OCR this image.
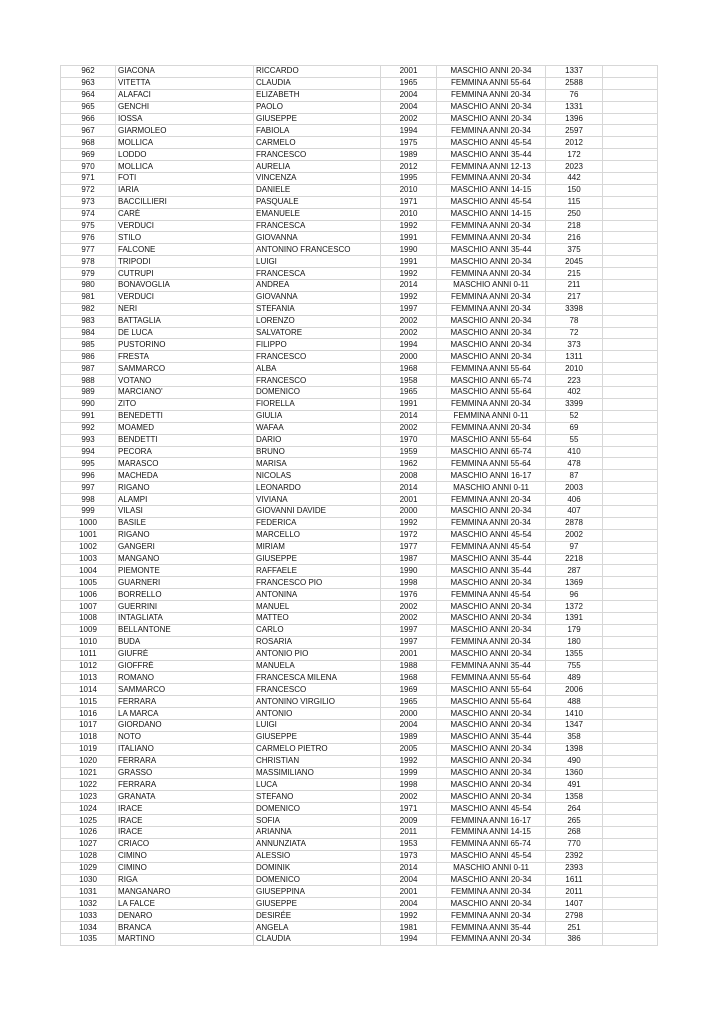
962	GIACONA	RICCARDO	2001	MASCHIO ANNI 20-34	1337	
963	VITETTA	CLAUDIA	1965	FEMMINA ANNI 55-64	2588	
964	ALAFACI	ELIZABETH	2004	FEMMINA ANNI 20-34	76	
965	GENCHI	PAOLO	2004	MASCHIO ANNI 20-34	1331	
966	IOSSA	GIUSEPPE	2002	MASCHIO ANNI 20-34	1396	
967	GIARMOLEO	FABIOLA	1994	FEMMINA ANNI 20-34	2597	
968	MOLLICA	CARMELO	1975	MASCHIO ANNI 45-54	2012	
969	LODDO	FRANCESCO	1989	MASCHIO ANNI 35-44	172	
970	MOLLICA	AURELIA	2012	FEMMINA ANNI 12-13	2023	
971	FOTI	VINCENZA	1995	FEMMINA ANNI 20-34	442	
972	IARIA	DANIELE	2010	MASCHIO ANNI 14-15	150	
973	BACCILLIERI	PASQUALE	1971	MASCHIO ANNI 45-54	115	
974	CARÈ	EMANUELE	2010	MASCHIO ANNI 14-15	250	
975	VERDUCI	FRANCESCA	1992	FEMMINA ANNI 20-34	218	
976	STILO	GIOVANNA	1991	FEMMINA ANNI 20-34	216	
977	FALCONE	ANTONINO FRANCESCO	1990	MASCHIO ANNI 35-44	375	
978	TRIPODI	LUIGI	1991	MASCHIO ANNI 20-34	2045	
979	CUTRUPI	FRANCESCA	1992	FEMMINA ANNI 20-34	215	
980	BONAVOGLIA	ANDREA	2014	MASCHIO ANNI 0-11	211	
981	VERDUCI	GIOVANNA	1992	FEMMINA ANNI 20-34	217	
982	NERI	STEFANIA	1997	FEMMINA ANNI 20-34	3398	
983	BATTAGLIA	LORENZO	2002	MASCHIO ANNI 20-34	78	
984	DE LUCA	SALVATORE	2002	MASCHIO ANNI 20-34	72	
985	PUSTORINO	FILIPPO	1994	MASCHIO ANNI 20-34	373	
986	FRESTA	FRANCESCO	2000	MASCHIO ANNI 20-34	1311	
987	SAMMARCO	ALBA	1968	FEMMINA ANNI 55-64	2010	
988	VOTANO	FRANCESCO	1958	MASCHIO ANNI 65-74	223	
989	MARCIANO'	DOMENICO	1965	MASCHIO ANNI 55-64	402	
990	ZITO	FIORELLA	1991	FEMMINA ANNI 20-34	3399	
991	BENEDETTI	GIULIA	2014	FEMMINA ANNI 0-11	52	
992	MOAMED	WAFAA	2002	FEMMINA ANNI 20-34	69	
993	BENDETTI	DARIO	1970	MASCHIO ANNI 55-64	55	
994	PECORA	BRUNO	1959	MASCHIO ANNI 65-74	410	
995	MARASCO	MARISA	1962	FEMMINA ANNI 55-64	478	
996	MACHEDA	NICOLAS	2008	MASCHIO ANNI 16-17	87	
997	RIGANO	LEONARDO	2014	MASCHIO ANNI 0-11	2003	
998	ALAMPI	VIVIANA	2001	FEMMINA ANNI 20-34	406	
999	VILASI	GIOVANNI DAVIDE	2000	MASCHIO ANNI 20-34	407	
1000	BASILE	FEDERICA	1992	FEMMINA ANNI 20-34	2878	
1001	RIGANO	MARCELLO	1972	MASCHIO ANNI 45-54	2002	
1002	GANGERI	MIRIAM	1977	FEMMINA ANNI 45-54	97	
1003	MANGANO	GIUSEPPE	1987	MASCHIO ANNI 35-44	2218	
1004	PIEMONTE	RAFFAELE	1990	MASCHIO ANNI 35-44	287	
1005	GUARNERI	FRANCESCO PIO	1998	MASCHIO ANNI 20-34	1369	
1006	BORRELLO	ANTONINA	1976	FEMMINA ANNI 45-54	96	
1007	GUERRINI	MANUEL	2002	MASCHIO ANNI 20-34	1372	
1008	INTAGLIATA	MATTEO	2002	MASCHIO ANNI 20-34	1391	
1009	BELLANTONE	CARLO	1997	MASCHIO ANNI 20-34	179	
1010	BUDA	ROSARIA	1997	FEMMINA ANNI 20-34	180	
1011	GIUFRÈ	ANTONIO PIO	2001	MASCHIO ANNI 20-34	1355	
1012	GIOFFRÈ	MANUELA	1988	FEMMINA ANNI 35-44	755	
1013	ROMANO	FRANCESCA MILENA	1968	FEMMINA ANNI 55-64	489	
1014	SAMMARCO	FRANCESCO	1969	MASCHIO ANNI 55-64	2006	
1015	FERRARA	ANTONINO VIRGILIO	1965	MASCHIO ANNI 55-64	488	
1016	LA MARCA	ANTONIO	2000	MASCHIO ANNI 20-34	1410	
1017	GIORDANO	LUIGI	2004	MASCHIO ANNI 20-34	1347	
1018	NOTO	GIUSEPPE	1989	MASCHIO ANNI 35-44	358	
1019	ITALIANO	CARMELO PIETRO	2005	MASCHIO ANNI 20-34	1398	
1020	FERRARA	CHRISTIAN	1992	MASCHIO ANNI 20-34	490	
1021	GRASSO	MASSIMILIANO	1999	MASCHIO ANNI 20-34	1360	
1022	FERRARA	LUCA	1998	MASCHIO ANNI 20-34	491	
1023	GRANATA	STEFANO	2002	MASCHIO ANNI 20-34	1358	
1024	IRACE	DOMENICO	1971	MASCHIO ANNI 45-54	264	
1025	IRACE	SOFIA	2009	FEMMINA ANNI 16-17	265	
1026	IRACE	ARIANNA	2011	FEMMINA ANNI 14-15	268	
1027	CRIACO	ANNUNZIATA	1953	FEMMINA ANNI 65-74	770	
1028	CIMINO	ALESSIO	1973	MASCHIO ANNI 45-54	2392	
1029	CIMINO	DOMINIK	2014	MASCHIO ANNI 0-11	2393	
1030	RIGA	DOMENICO	2004	MASCHIO ANNI 20-34	1611	
1031	MANGANARO	GIUSEPPINA	2001	FEMMINA ANNI 20-34	2011	
1032	LA FALCE	GIUSEPPE	2004	MASCHIO ANNI 20-34	1407	
1033	DENARO	DESIRÉE	1992	FEMMINA ANNI 20-34	2798	
1034	BRANCA	ANGELA	1981	FEMMINA ANNI 35-44	251	
1035	MARTINO	CLAUDIA	1994	FEMMINA ANNI 20-34	386	
